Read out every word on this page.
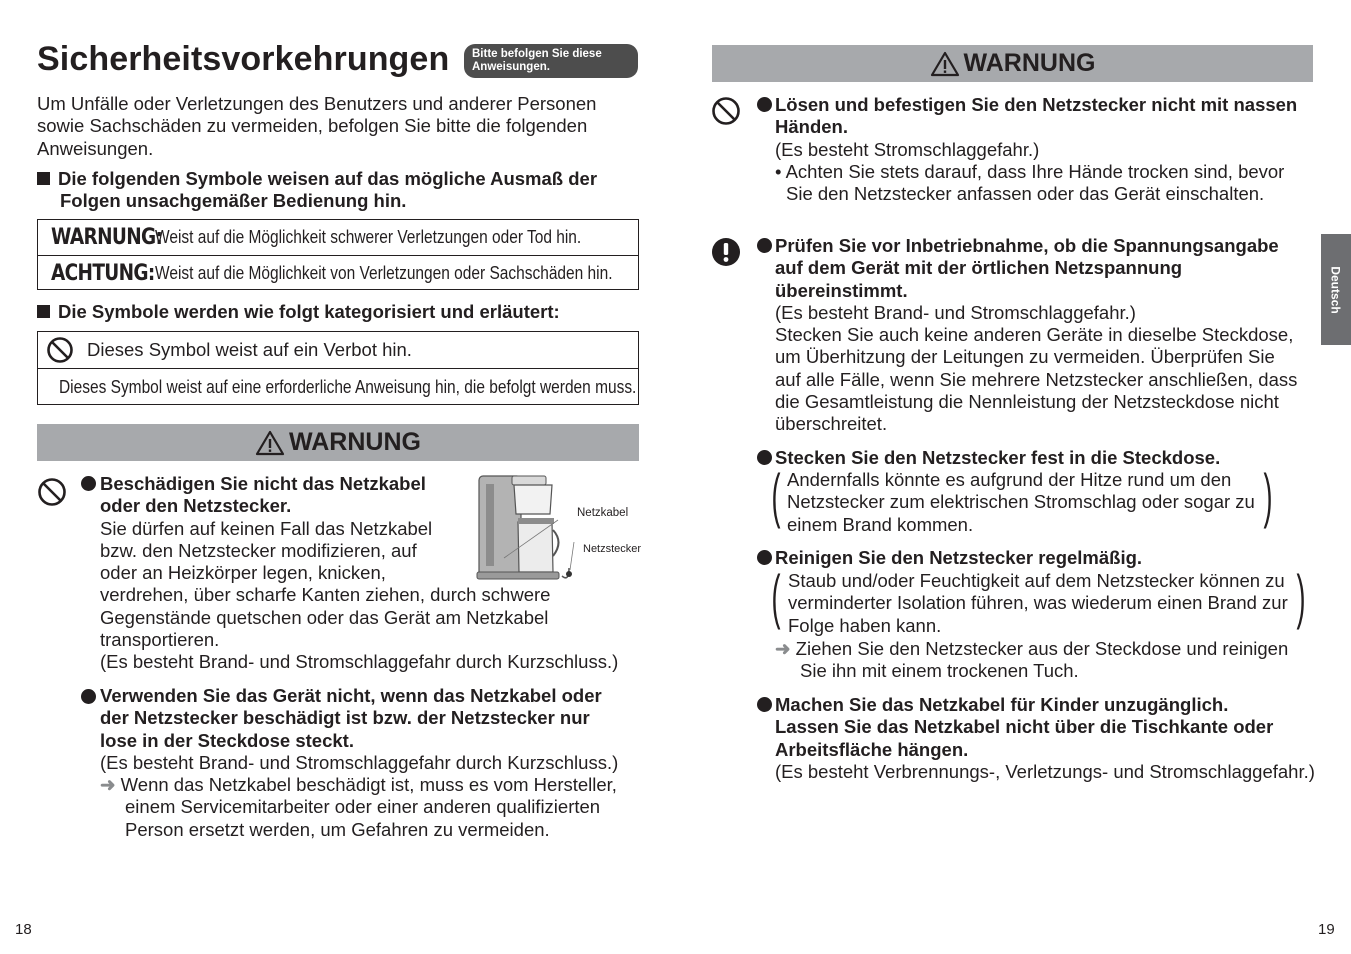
Sicherheitsvorkehrungen Bitte befolgen Sie diese
Anweisungen.
Um Unfälle oder Verletzungen des Benutzers und anderer Personen
sowie Sachschäden zu vermeiden, befolgen Sie bitte die folgenden
Anweisungen.
Die folgenden Symbole weisen auf das mögliche Ausmaß der
Folgen unsachgemäßer Bedienung hin.
WARNUNG:
Weist auf die Möglichkeit schwerer Verletzungen oder Tod hin.
ACHTUNG: Weist auf die Möglichkeit von Verletzungen oder Sachschäden hin.
Die Symbole werden wie folgt kategorisiert und erläutert:
Dieses Symbol weist auf ein Verbot hin.
Dieses Symbol weist auf eine erforderliche Anweisung hin, die befolgt werden muss.
WARNUNG
Beschädigen Sie nicht das Netzkabel
oder den Netzstecker.
Sie dürfen auf keinen Fall das Netzkabel
bzw. den Netzstecker modifizieren, auf
oder an Heizkörper legen, knicken,
verdrehen, über scharfe Kanten ziehen, durch schwere
Gegenstände quetschen oder das Gerät am Netzkabel
transportieren.
(Es besteht Brand- und Stromschlaggefahr durch Kurzschluss.)
Netzkabel
Netzstecker
Verwenden Sie das Gerät nicht, wenn das Netzkabel oder
der Netzstecker beschädigt ist bzw. der Netzstecker nur
lose in der Steckdose steckt.
(Es besteht Brand- und Stromschlaggefahr durch Kurzschluss.)
➜ Wenn das Netzkabel beschädigt ist, muss es vom Hersteller,
einem Servicemitarbeiter oder einer anderen qualifizierten
Person ersetzt werden, um Gefahren zu vermeiden.
18
WARNUNG
Lösen und befestigen Sie den Netzstecker nicht mit nassen
Händen.
(Es besteht Stromschlaggefahr.)
• Achten Sie stets darauf, dass Ihre Hände trocken sind, bevor
Sie den Netzstecker anfassen oder das Gerät einschalten.
Prüfen Sie vor Inbetriebnahme, ob die Spannungsangabe
auf dem Gerät mit der örtlichen Netzspannung
übereinstimmt.
(Es besteht Brand- und Stromschlaggefahr.)
Stecken Sie auch keine anderen Geräte in dieselbe Steckdose,
um Überhitzung der Leitungen zu vermeiden. Überprüfen Sie
auf alle Fälle, wenn Sie mehrere Netzstecker anschließen, dass
die Gesamtleistung die Nennleistung der Netzsteckdose nicht
überschreitet.
Stecken Sie den Netzstecker fest in die Steckdose.
( Andernfalls könnte es aufgrund der Hitze rund um den
Netzstecker zum elektrischen Stromschlag oder sogar zu
einem Brand kommen.	)
Reinigen Sie den Netzstecker regelmäßig.
( Staub und/oder Feuchtigkeit auf dem Netzstecker können zu
verminderter Isolation führen, was wiederum einen Brand zur
Folge haben kann.	)
➜ Ziehen Sie den Netzstecker aus der Steckdose und reinigen
Sie ihn mit einem trockenen Tuch.
Machen Sie das Netzkabel für Kinder unzugänglich.
Lassen Sie das Netzkabel nicht über die Tischkante oder
Arbeitsfläche hängen.
(Es besteht Verbrennungs-, Verletzungs- und Stromschlaggefahr.)
Deutsch
19
